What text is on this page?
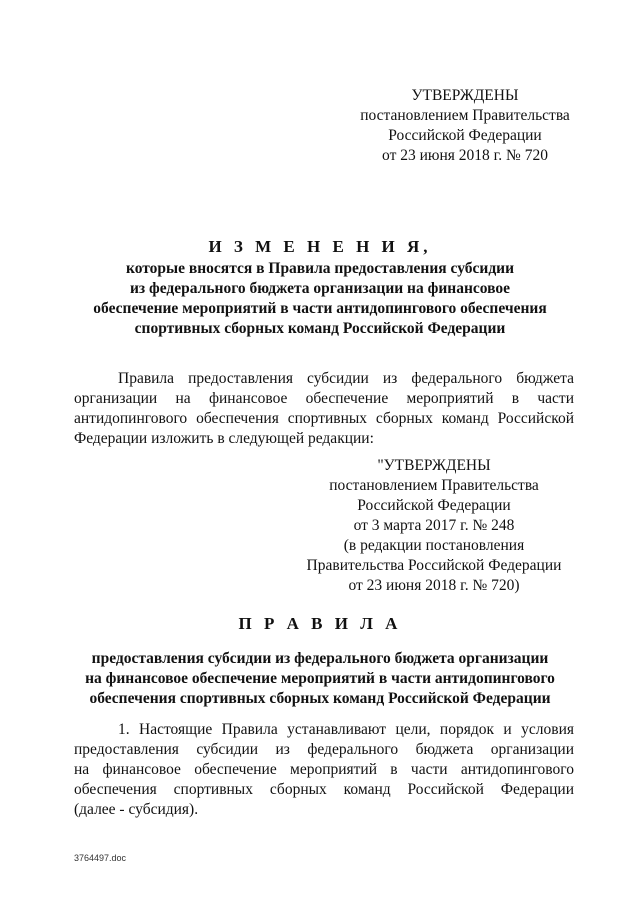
УТВЕРЖДЕНЫ
постановлением Правительства
Российской Федерации
от 23 июня 2018 г. № 720
И З М Е Н Е Н И Я,
которые вносятся в Правила предоставления субсидии
из федерального бюджета организации на финансовое
обеспечение мероприятий в части антидопингового обеспечения
спортивных сборных команд Российской Федерации
Правила предоставления субсидии из федерального бюджета
организации на финансовое обеспечение мероприятий в части
антидопингового обеспечения спортивных сборных команд Российской
Федерации изложить в следующей редакции:
"УТВЕРЖДЕНЫ
постановлением Правительства
Российской Федерации
от 3 марта 2017 г. № 248
(в редакции постановления
Правительства Российской Федерации
от 23 июня 2018 г. № 720)
П Р А В И Л А
предоставления субсидии из федерального бюджета организации
на финансовое обеспечение мероприятий в части антидопингового
обеспечения спортивных сборных команд Российской Федерации
1. Настоящие Правила устанавливают цели, порядок и условия
предоставления субсидии из федерального бюджета организации
на финансовое обеспечение мероприятий в части антидопингового
обеспечения спортивных сборных команд Российской Федерации
(далее - субсидия).
3764497.doc
